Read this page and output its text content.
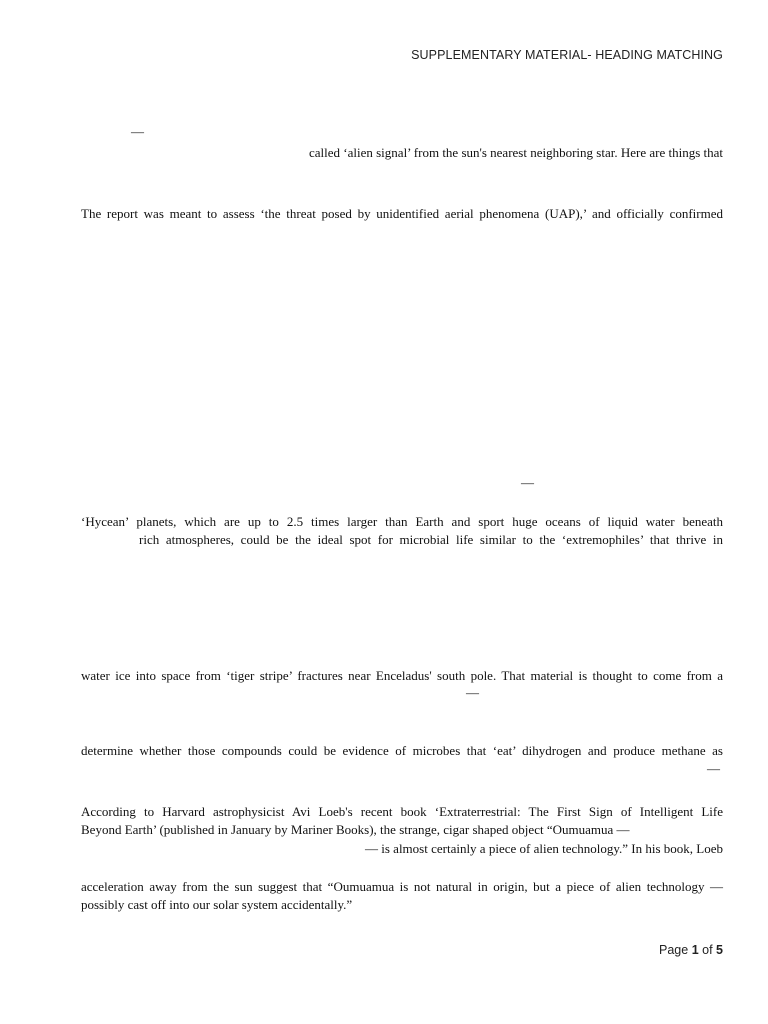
SUPPLEMENTARY MATERIAL- HEADING MATCHING
—
called ‘alien signal’ from the sun's nearest neighboring star. Here are things that
The report was meant to assess ‘the threat posed by unidentified aerial phenomena (UAP),’ and officially confirmed
—
‘Hycean’ planets, which are up to 2.5 times larger than Earth and sport huge oceans of liquid water beneath
rich atmospheres, could be the ideal spot for microbial life similar to the ‘extremophiles’ that thrive in
water ice into space from ‘tiger stripe’ fractures near Enceladus' south pole. That material is thought to come from a
—
determine whether those compounds could be evidence of microbes that ‘eat’ dihydrogen and produce methane as
—
According to Harvard astrophysicist Avi Loeb's recent book ‘Extraterrestrial: The First Sign of Intelligent Life
Beyond Earth’ (published in January by Mariner Books), the strange, cigar shaped object “Oumuamua —
— is almost certainly a piece of alien technology.” In his book, Loeb
acceleration away from the sun suggest that “Oumuamua is not natural in origin, but a piece of alien technology —
possibly cast off into our solar system accidentally.”
Page 1 of 5
